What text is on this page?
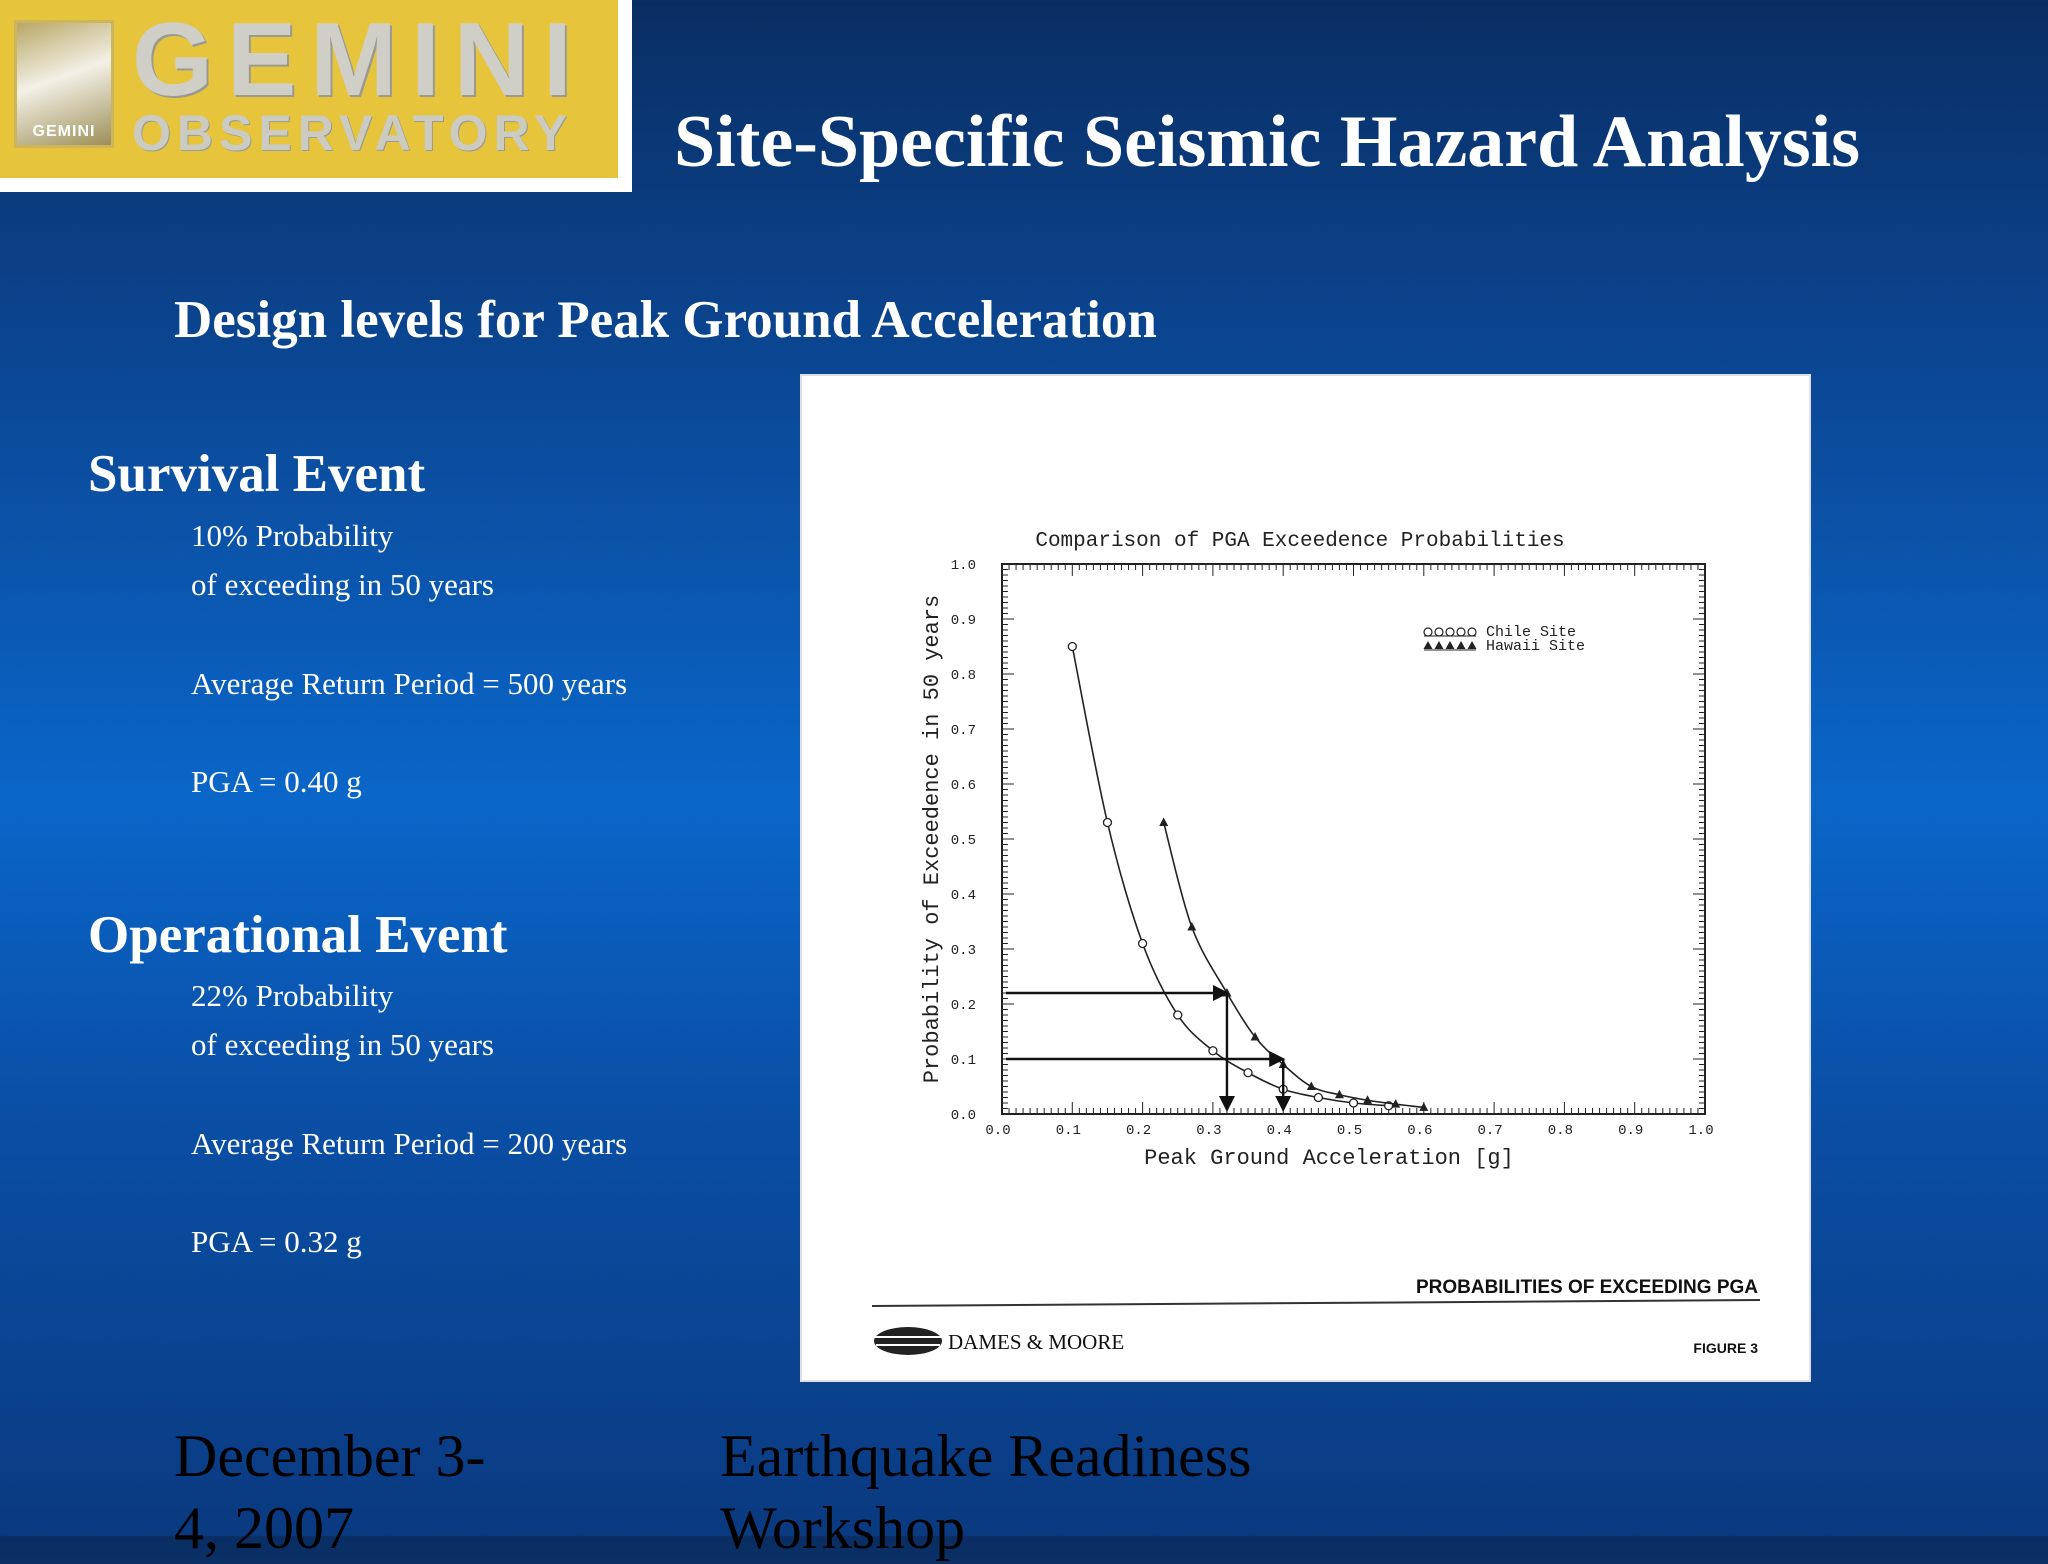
GEMINI
GEMINI
OBSERVATORY Site-Specific Seismic Hazard Analysis
Design levels for Peak Ground Acceleration
Survival Event
10% Probability
of exceeding in 50 years
Average Return Period = 500 years
PGA = 0.40 g
Operational Event
22% Probability
of exceeding in 50 years
Average Return Period = 200 years
PGA = 0.32 g
Comparison of PGA Exceedence Probabilities
0.0	0.1	0.2	0.3	0.4	0.5	0.6	0.7	0.8	0.9	1.0
0.0
0.1
0.2
0.3
0.4
0.5
0.6
0.7
0.8
0.9
1.0
Chile Site
Hawaii Site
Peak Ground Acceleration [g]
Probability of Exceedence in 50 years
PROBABILITIES OF EXCEEDING PGA
DAMES & MOORE	FIGURE 3
December 3-
4, 2007
Earthquake Readiness
Workshop
